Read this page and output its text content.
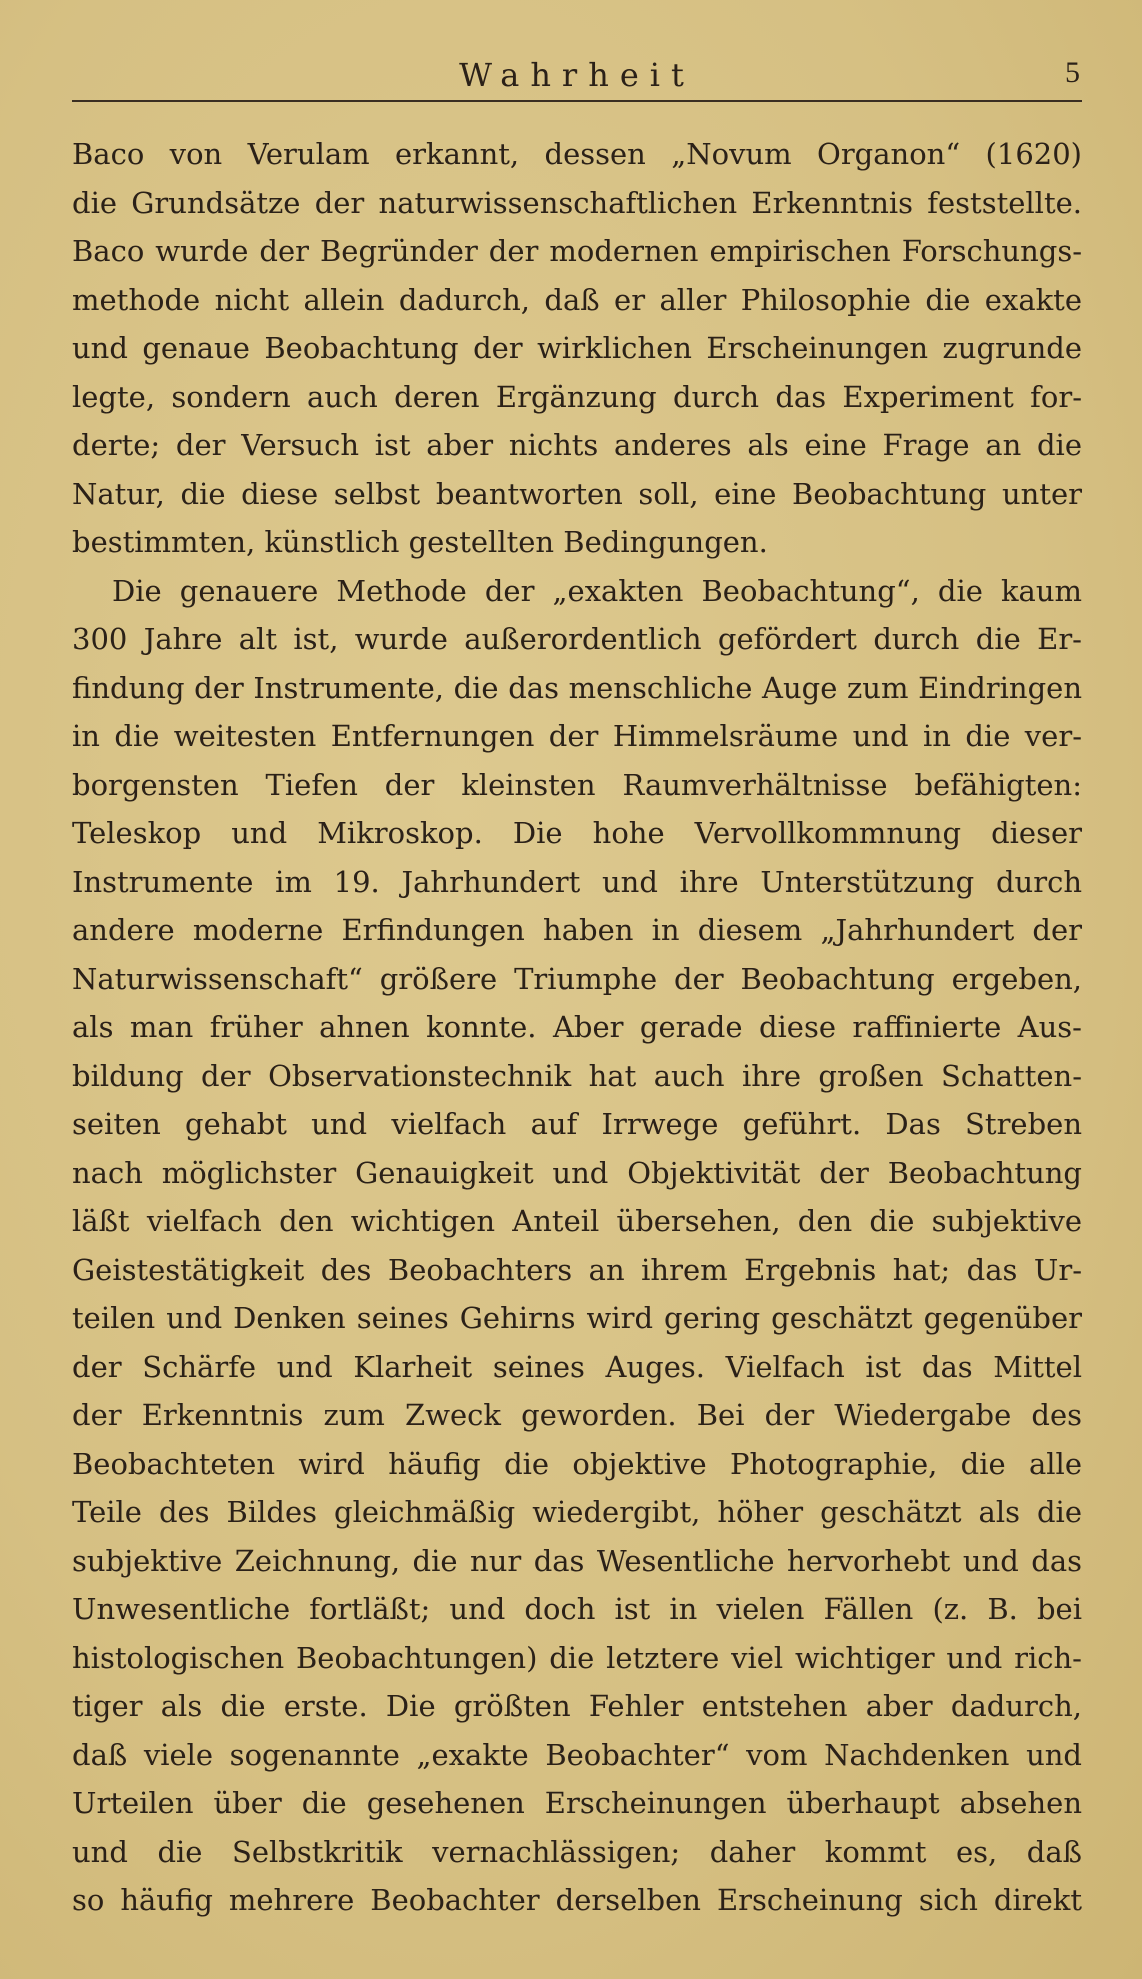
Wahrheit	5
Baco von Verulam erkannt, dessen „Novum Organon“ (1620)
die Grundsätze der naturwissenschaftlichen Erkenntnis feststellte.
Baco wurde der Begründer der modernen empirischen Forschungs-
methode nicht allein dadurch, daß er aller Philosophie die exakte
und genaue Beobachtung der wirklichen Erscheinungen zugrunde
legte, sondern auch deren Ergänzung durch das Experiment for-
derte; der Versuch ist aber nichts anderes als eine Frage an die
Natur, die diese selbst beantworten soll, eine Beobachtung unter
bestimmten, künstlich gestellten Bedingungen.
Die genauere Methode der „exakten Beobachtung“, die kaum
300 Jahre alt ist, wurde außerordentlich gefördert durch die Er-
findung der Instrumente, die das menschliche Auge zum Eindringen
in die weitesten Entfernungen der Himmelsräume und in die ver-
borgensten Tiefen der kleinsten Raumverhältnisse befähigten:
Teleskop und Mikroskop. Die hohe Vervollkommnung dieser
Instrumente im 19. Jahrhundert und ihre Unterstützung durch
andere moderne Erfindungen haben in diesem „Jahrhundert der
Naturwissenschaft“ größere Triumphe der Beobachtung ergeben,
als man früher ahnen konnte. Aber gerade diese raffinierte Aus-
bildung der Observationstechnik hat auch ihre großen Schatten-
seiten gehabt und vielfach auf Irrwege geführt. Das Streben
nach möglichster Genauigkeit und Objektivität der Beobachtung
läßt vielfach den wichtigen Anteil übersehen, den die subjektive
Geistestätigkeit des Beobachters an ihrem Ergebnis hat; das Ur-
teilen und Denken seines Gehirns wird gering geschätzt gegenüber
der Schärfe und Klarheit seines Auges. Vielfach ist das Mittel
der Erkenntnis zum Zweck geworden. Bei der Wiedergabe des
Beobachteten wird häufig die objektive Photographie, die alle
Teile des Bildes gleichmäßig wiedergibt, höher geschätzt als die
subjektive Zeichnung, die nur das Wesentliche hervorhebt und das
Unwesentliche fortläßt; und doch ist in vielen Fällen (z. B. bei
histologischen Beobachtungen) die letztere viel wichtiger und rich-
tiger als die erste. Die größten Fehler entstehen aber dadurch,
daß viele sogenannte „exakte Beobachter“ vom Nachdenken und
Urteilen über die gesehenen Erscheinungen überhaupt absehen
und die Selbstkritik vernachlässigen; daher kommt es, daß
so häufig mehrere Beobachter derselben Erscheinung sich direkt
